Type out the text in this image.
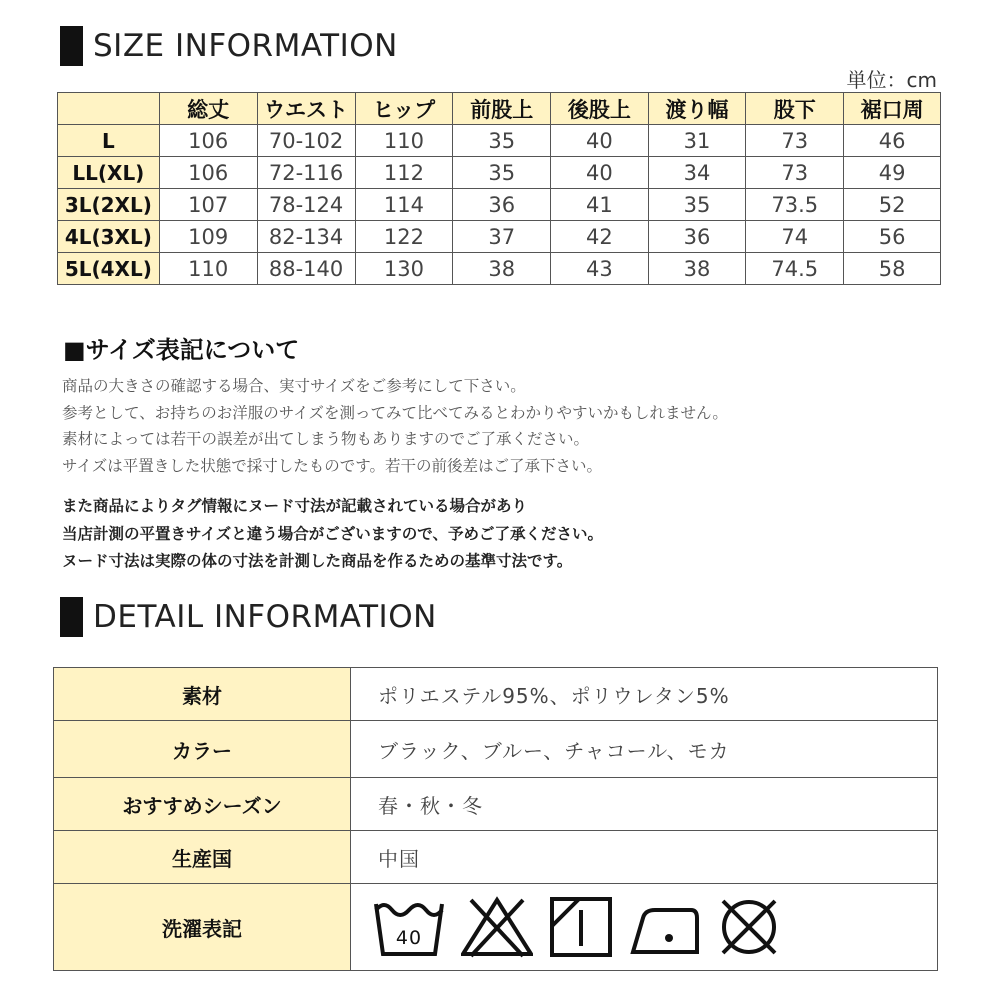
SIZE INFORMATION
単位：cm
	総丈	ウエスト	ヒップ	前股上	後股上	渡り幅	股下	裾口周
L	106	70-102	110	35	40	31	73	46
LL(XL)	106	72-116	112	35	40	34	73	49
3L(2XL)	107	78-124	114	36	41	35	73.5	52
4L(3XL)	109	82-134	122	37	42	36	74	56
5L(4XL)	110	88-140	130	38	43	38	74.5	58
■サイズ表記について
商品の大きさの確認する場合、実寸サイズをご参考にして下さい。
参考として、お持ちのお洋服のサイズを測ってみて比べてみるとわかりやすいかもしれません。
素材によっては若干の誤差が出てしまう物もありますのでご了承ください。
サイズは平置きした状態で採寸したものです。若干の前後差はご了承下さい。
また商品によりタグ情報にヌード寸法が記載されている場合があり
当店計測の平置きサイズと違う場合がございますので、予めご了承ください。
ヌード寸法は実際の体の寸法を計測した商品を作るための基準寸法です。
DETAIL INFORMATION
素材	ポリエステル95%、ポリウレタン5%
カラー	ブラック、ブルー、チャコール、モカ
おすすめシーズン	春・秋・冬
生産国	中国
洗濯表記	40
